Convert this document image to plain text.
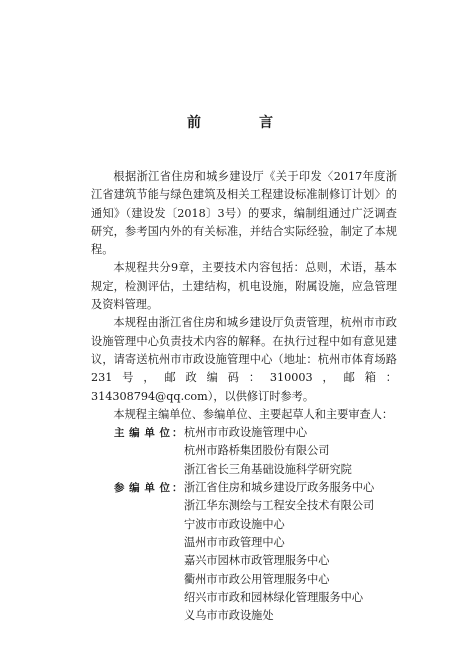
前　言

根据浙江省住房和城乡建设厅《关于印发〈2017年度浙江省建筑节能与绿色建筑及相关工程建设标准制修订计划〉的通知》（建设发〔2018〕3号）的要求，编制组通过广泛调查研究，参考国内外的有关标准，并结合实际经验，制定了本规程。

本规程共分9章，主要技术内容包括：总则，术语，基本规定，检测评估，土建结构，机电设施，附属设施，应急管理及资料管理。

本规程由浙江省住房和城乡建设厅负责管理，杭州市市政设施管理中心负责技术内容的解释。在执行过程中如有意见建议，请寄送杭州市市政设施管理中心（地址：杭州市体育场路231号，邮政编码：310003，邮箱：314308794@qq.com），以供修订时参考。

本规程主编单位、参编单位、主要起草人和主要审查人：

主编单位： 杭州市市政设施管理中心
杭州市路桥集团股份有限公司
浙江省长三角基础设施科学研究院
参编单位： 浙江省住房和城乡建设厅政务服务中心
浙江华东测绘与工程安全技术有限公司
宁波市市政设施中心
温州市市政管理中心
嘉兴市园林市政管理服务中心
衢州市市政公用管理服务中心
绍兴市市政和园林绿化管理服务中心
义乌市市政设施处
